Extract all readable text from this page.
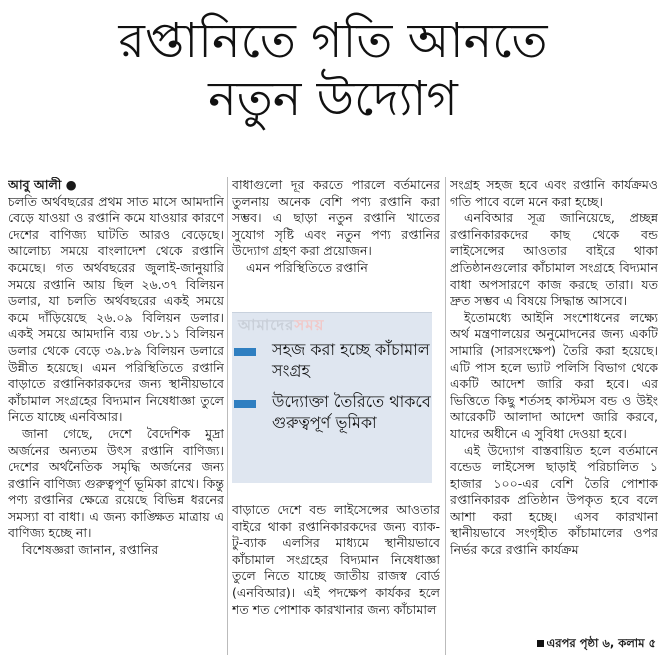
রপ্তানিতে গতি আনতে
নতুন উদ্যোগ

আবু আলী ●

চলতি অর্থবছরের প্রথম সাত মাসে আমদানি বেড়ে যাওয়া ও রপ্তানি কমে যাওয়ার কারণে দেশের বাণিজ্য ঘাটতি আরও বেড়েছে। আলোচ্য সময়ে বাংলাদেশ থেকে রপ্তানি কমেছে। গত অর্থবছরের জুলাই-জানুয়ারি সময়ে রপ্তানি আয় ছিল ২৬.৩৭ বিলিয়ন ডলার, যা চলতি অর্থবছরের একই সময়ে কমে দাঁড়িয়েছে ২৬.০৯ বিলিয়ন ডলার। একই সময়ে আমদানি ব্যয় ৩৮.১১ বিলিয়ন ডলার থেকে বেড়ে ৩৯.৮৯ বিলিয়ন ডলারে উন্নীত হয়েছে। এমন পরিস্থিতিতে রপ্তানি বাড়াতে রপ্তানিকারকদের জন্য স্থানীয়ভাবে কাঁচামাল সংগ্রহের বিদ্যমান নিষেধাজ্ঞা তুলে নিতে যাচ্ছে এনবিআর।

জানা গেছে, দেশে বৈদেশিক মুদ্রা অর্জনের অন্যতম উৎস রপ্তানি বাণিজ্য। দেশের অর্থনৈতিক সমৃদ্ধি অর্জনের জন্য রপ্তানি বাণিজ্য গুরুত্বপূর্ণ ভূমিকা রাখে। কিন্তু পণ্য রপ্তানির ক্ষেত্রে রয়েছে বিভিন্ন ধরনের সমস্যা বা বাধা। এ জন্য কাঙ্ক্ষিত মাত্রায় এ বাণিজ্য হচ্ছে না।

বিশেষজ্ঞরা জানান, রপ্তানির

বাধাগুলো দূর করতে পারলে বর্তমানের তুলনায় অনেক বেশি পণ্য রপ্তানি করা সম্ভব। এ ছাড়া নতুন রপ্তানি খাতের সুযোগ সৃষ্টি এবং নতুন পণ্য রপ্তানির উদ্যোগ গ্রহণ করা প্রয়োজন।

এমন পরিস্থিতিতে রপ্তানি

সহজ করা হচ্ছে কাঁচামাল সংগ্রহ
উদ্যোক্তা তৈরিতে থাকবে গুরুত্বপূর্ণ ভূমিকা
আমাদেরসময়

বাড়াতে দেশে বন্ড লাইসেন্সের আওতার বাইরে থাকা রপ্তানিকারকদের জন্য ব্যাক-টু-ব্যাক এলসির মাধ্যমে স্থানীয়ভাবে কাঁচামাল সংগ্রহের বিদ্যমান নিষেধাজ্ঞা তুলে নিতে যাচ্ছে জাতীয় রাজস্ব বোর্ড (এনবিআর)। এই পদক্ষেপ কার্যকর হলে শত শত পোশাক কারখানার জন্য কাঁচামাল

সংগ্রহ সহজ হবে এবং রপ্তানি কার্যক্রমও গতি পাবে বলে মনে করা হচ্ছে।

এনবিআর সূত্র জানিয়েছে, প্রচ্ছন্ন রপ্তানিকারকদের কাছ থেকে বন্ড লাইসেন্সের আওতার বাইরে থাকা প্রতিষ্ঠানগুলোর কাঁচামাল সংগ্রহে বিদ্যমান বাধা অপসারণে কাজ করছে তারা। যত দ্রুত সম্ভব এ বিষয়ে সিদ্ধান্ত আসবে।

ইতোমধ্যে আইনি সংশোধনের লক্ষ্যে অর্থ মন্ত্রণালয়ের অনুমোদনের জন্য একটি সামারি (সারসংক্ষেপ) তৈরি করা হয়েছে। এটি পাস হলে ভ্যাট পলিসি বিভাগ থেকে একটি আদেশ জারি করা হবে। এর ভিত্তিতে কিছু শর্তসহ কাস্টমস বন্ড ও উইং আরেকটি আলাদা আদেশ জারি করবে, যাদের অধীনে এ সুবিধা দেওয়া হবে।

এই উদ্যোগ বাস্তবায়িত হলে বর্তমানে বন্ডেড লাইসেন্স ছাড়াই পরিচালিত ১ হাজার ১০০-এর বেশি তৈরি পোশাক রপ্তানিকারক প্রতিষ্ঠান উপকৃত হবে বলে আশা করা হচ্ছে। এসব কারখানা স্থানীয়ভাবে সংগৃহীত কাঁচামালের ওপর নির্ভর করে রপ্তানি কার্যক্রম

এরপর পৃষ্ঠা ৬, কলাম ৫
